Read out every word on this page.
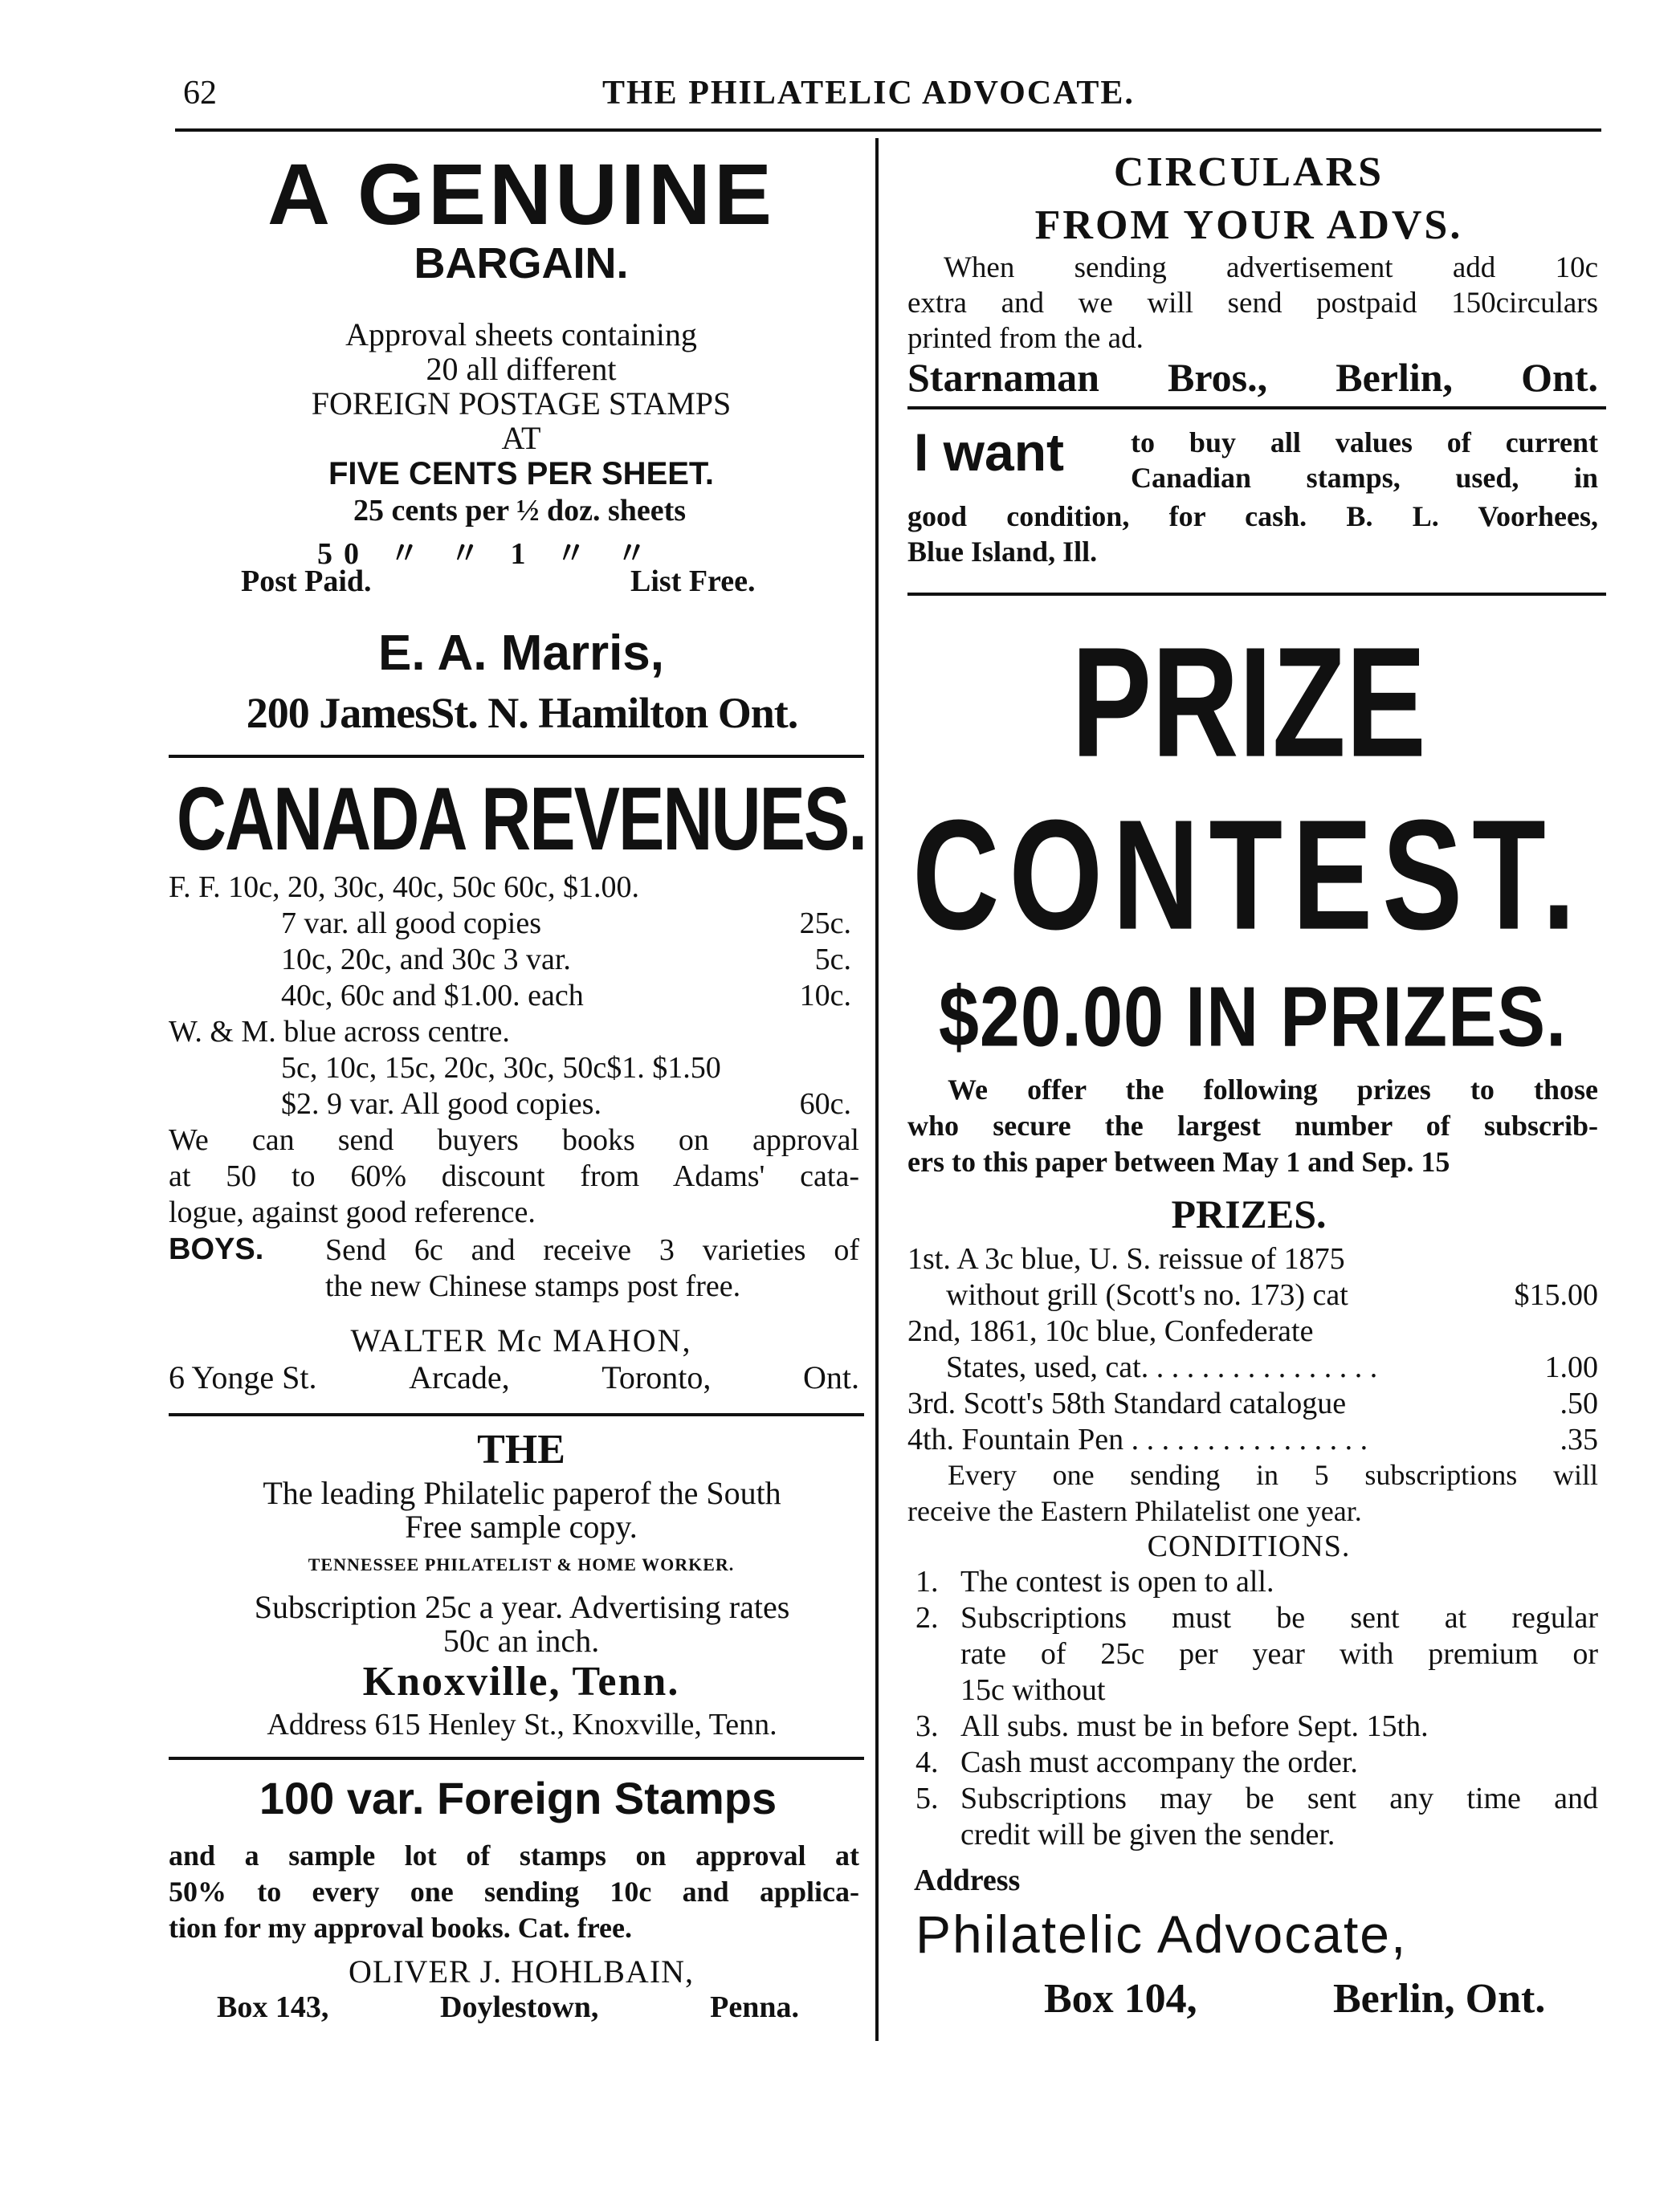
62	THE PHILATELIC ADVOCATE.
A GENUINE
BARGAIN.
Approval sheets containing
20 all different
FOREIGN POSTAGE STAMPS
AT
FIVE CENTS PER SHEET.
25 cents per ½ doz. sheets
50 〃 〃 1 〃 〃
Post Paid.	List Free.
E. A. Marris,
200 JamesSt. N. Hamilton Ont.
CANADA REVENUES.
F. F. 10c, 20, 30c, 40c, 50c 60c, $1.00.
7 var. all good copies	25c.
10c, 20c, and 30c 3 var.	5c.
40c, 60c and $1.00. each	10c.
W. & M. blue across centre.
5c, 10c, 15c, 20c, 30c, 50c$1. $1.50
$2. 9 var. All good copies.	60c.
We can send buyers books on approval
at 50 to 60% discount from Adams' cata-
logue, against good reference.
BOYS. Send 6c and receive 3 varieties of
the new Chinese stamps post free.
WALTER Mc MAHON,
6 Yonge St.	Arcade,	Toronto,	Ont.
THE
The leading Philatelic paperof the South
Free sample copy.
TENNESSEE PHILATELIST & HOME WORKER.
Subscription 25c a year. Advertising rates
50c an inch.
Knoxville, Tenn.
Address 615 Henley St., Knoxville, Tenn.
100 var. Foreign Stamps
and a sample lot of stamps on approval at
50% to every one sending 10c and applica-
tion for my approval books. Cat. free.
OLIVER J. HOHLBAIN,
Box 143,	Doylestown,	Penna.
CIRCULARS
FROM YOUR ADVS.
When sending advertisement add 10c
extra and we will send postpaid 150circulars
printed from the ad.
Starnaman Bros., Berlin, Ont.
I want to buy all values of current
Canadian stamps, used, in
good condition, for cash. B. L. Voorhees,
Blue Island, Ill.
PRIZE
CONTEST.
$20.00 IN PRIZES.
We offer the following prizes to those
who secure the largest number of subscrib-
ers to this paper between May 1 and Sep. 15
PRIZES.
1st. A 3c blue, U. S. reissue of 1875
without grill (Scott's no. 173) cat	$15.00
2nd, 1861, 10c blue, Confederate
States, used, cat. . . . . . . . . . . . . . . .	1.00
3rd. Scott's 58th Standard catalogue	.50
4th. Fountain Pen . . . . . . . . . . . . . . . .	.35
Every one sending in 5 subscriptions will
receive the Eastern Philatelist one year.
CONDITIONS.
1. The contest is open to all.
2. Subscriptions must be sent at regular
rate of 25c per year with premium or
15c without
3. All subs. must be in before Sept. 15th.
4. Cash must accompany the order.
5. Subscriptions may be sent any time and
credit will be given the sender.
Address
Philatelic Advocate,
Box 104,	Berlin, Ont.
